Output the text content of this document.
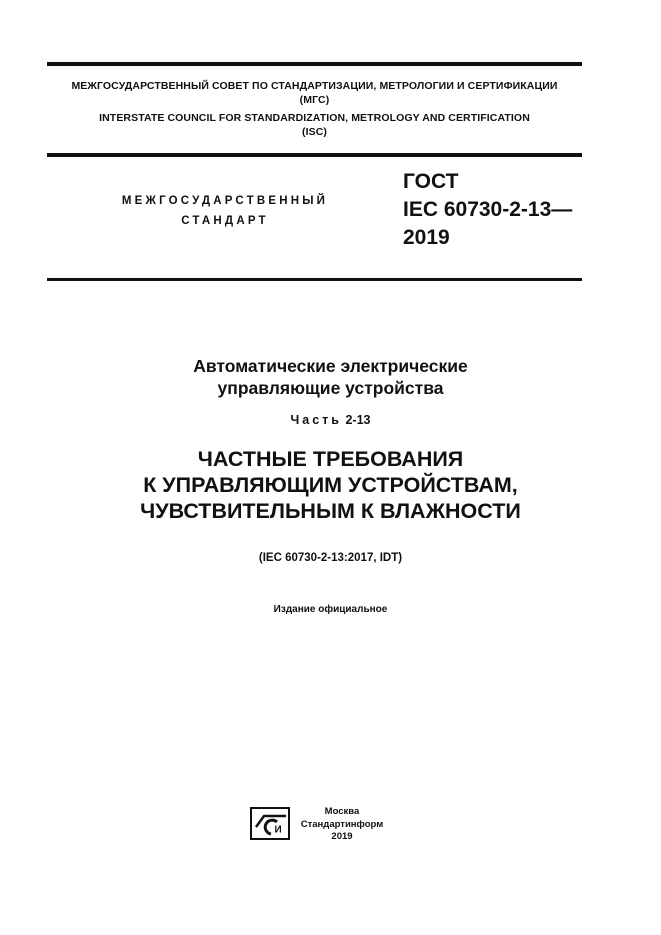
МЕЖГОСУДАРСТВЕННЫЙ СОВЕТ ПО СТАНДАРТИЗАЦИИ, МЕТРОЛОГИИ И СЕРТИФИКАЦИИ
(МГС)
INTERSTATE COUNCIL FOR STANDARDIZATION, METROLOGY AND CERTIFICATION
(ISC)
МЕЖГОСУДАРСТВЕННЫЙ
СТАНДАРТ
ГОСТ
IEC 60730-2-13—
2019
Автоматические электрические
управляющие устройства
Часть 2-13
ЧАСТНЫЕ ТРЕБОВАНИЯ
К УПРАВЛЯЮЩИМ УСТРОЙСТВАМ,
ЧУВСТВИТЕЛЬНЫМ К ВЛАЖНОСТИ
(IEC 60730-2-13:2017, IDT)
Издание официальное
И
Москва
Стандартинформ
2019
